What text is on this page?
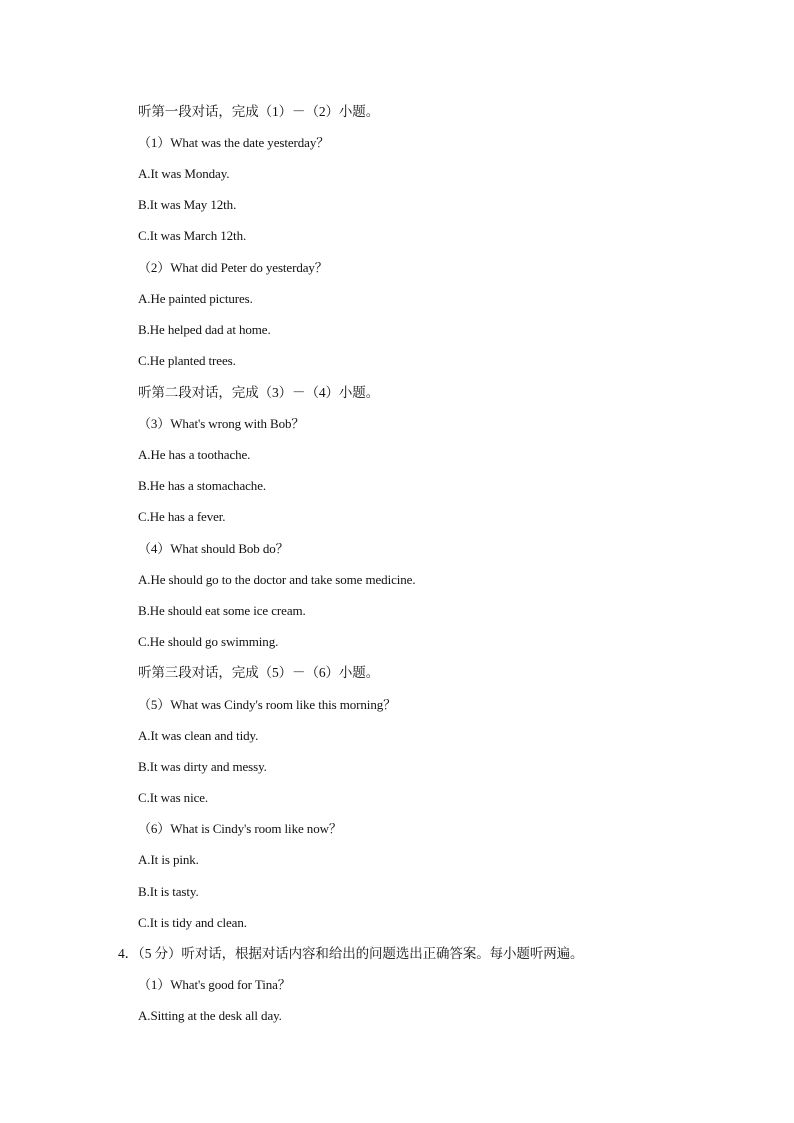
听第一段对话，完成（1）－（2）小题。
（1）What was the date yesterday？
A.It was Monday.
B.It was May 12th.
C.It was March 12th.
（2）What did Peter do yesterday？
A.He painted pictures.
B.He helped dad at home.
C.He planted trees.
听第二段对话，完成（3）－（4）小题。
（3）What's wrong with Bob？
A.He has a toothache.
B.He has a stomachache.
C.He has a fever.
（4）What should Bob do？
A.He should go to the doctor and take some medicine.
B.He should eat some ice cream.
C.He should go swimming.
听第三段对话，完成（5）－（6）小题。
（5）What was Cindy's room like this morning？
A.It was clean and tidy.
B.It was dirty and messy.
C.It was nice.
（6）What is Cindy's room like now？
A.It is pink.
B.It is tasty.
C.It is tidy and clean.
4．（5 分）听对话，根据对话内容和给出的问题选出正确答案。每小题听两遍。
（1）What's good for Tina？
A.Sitting at the desk all day.
